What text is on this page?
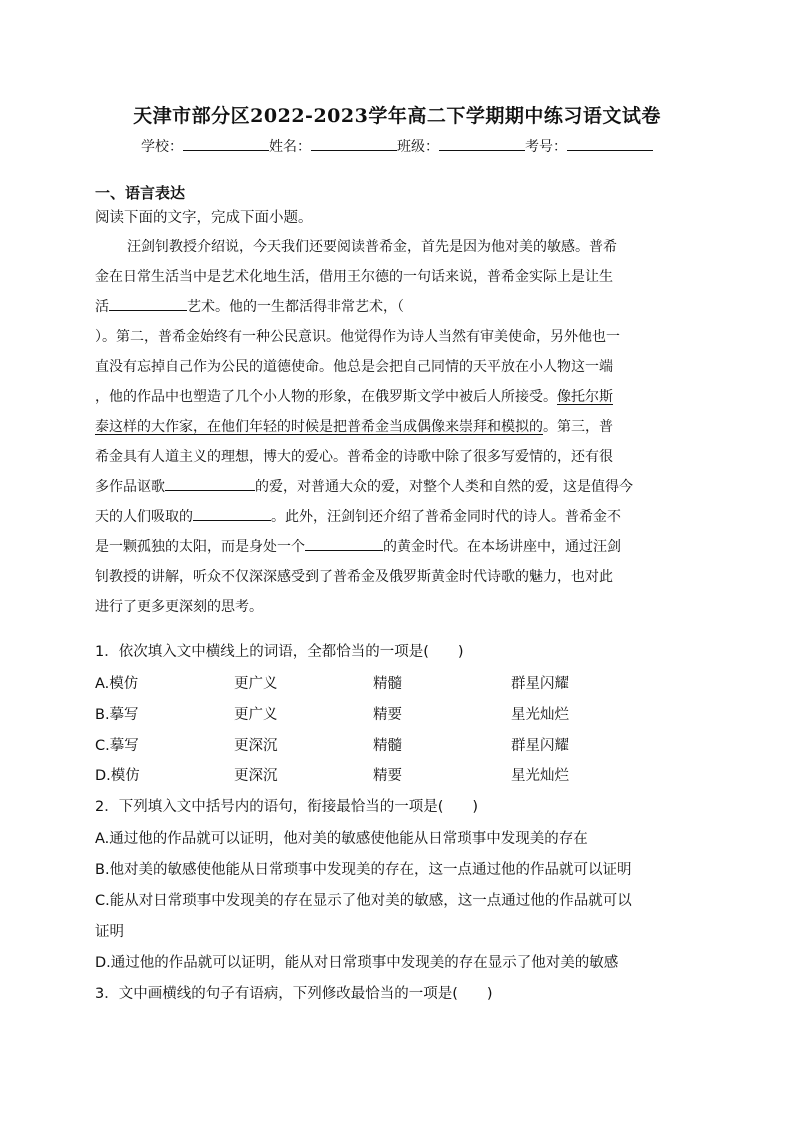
天津市部分区2022-2023学年高二下学期期中练习语文试卷
学校：	姓名：	班级：	考号：
一、语言表达
阅读下面的文字，完成下面小题。
汪剑钊教授介绍说，今天我们还要阅读普希金，首先是因为他对美的敏感。普希
金在日常生活当中是艺术化地生活，借用王尔德的一句话来说，普希金实际上是让生
活	艺术。他的一生都活得非常艺术，（
）。第二，普希金始终有一种公民意识。他觉得作为诗人当然有审美使命，另外他也一
直没有忘掉自己作为公民的道德使命。他总是会把自己同情的天平放在小人物这一端
，他的作品中也塑造了几个小人物的形象，在俄罗斯文学中被后人所接受。像托尔斯
泰这样的大作家，在他们年轻的时候是把普希金当成偶像来崇拜和模拟的。第三，普
希金具有人道主义的理想，博大的爱心。普希金的诗歌中除了很多写爱情的，还有很
多作品讴歌	的爱，对普通大众的爱，对整个人类和自然的爱，这是值得今
天的人们吸取的	。此外，汪剑钊还介绍了普希金同时代的诗人。普希金不
是一颗孤独的太阳，而是身处一个	的黄金时代。在本场讲座中，通过汪剑
钊教授的讲解，听众不仅深深感受到了普希金及俄罗斯黄金时代诗歌的魅力，也对此
进行了更多更深刻的思考。
1．依次填入文中横线上的词语，全都恰当的一项是(　　)
A.模仿	更广义	精髓	群星闪耀
B.摹写	更广义	精要	星光灿烂
C.摹写	更深沉	精髓	群星闪耀
D.模仿	更深沉	精要	星光灿烂
2．下列填入文中括号内的语句，衔接最恰当的一项是(　　)
A.通过他的作品就可以证明，他对美的敏感使他能从日常琐事中发现美的存在
B.他对美的敏感使他能从日常琐事中发现美的存在，这一点通过他的作品就可以证明
C.能从对日常琐事中发现美的存在显示了他对美的敏感，这一点通过他的作品就可以
证明
D.通过他的作品就可以证明，能从对日常琐事中发现美的存在显示了他对美的敏感
3．文中画横线的句子有语病，下列修改最恰当的一项是(　　)
